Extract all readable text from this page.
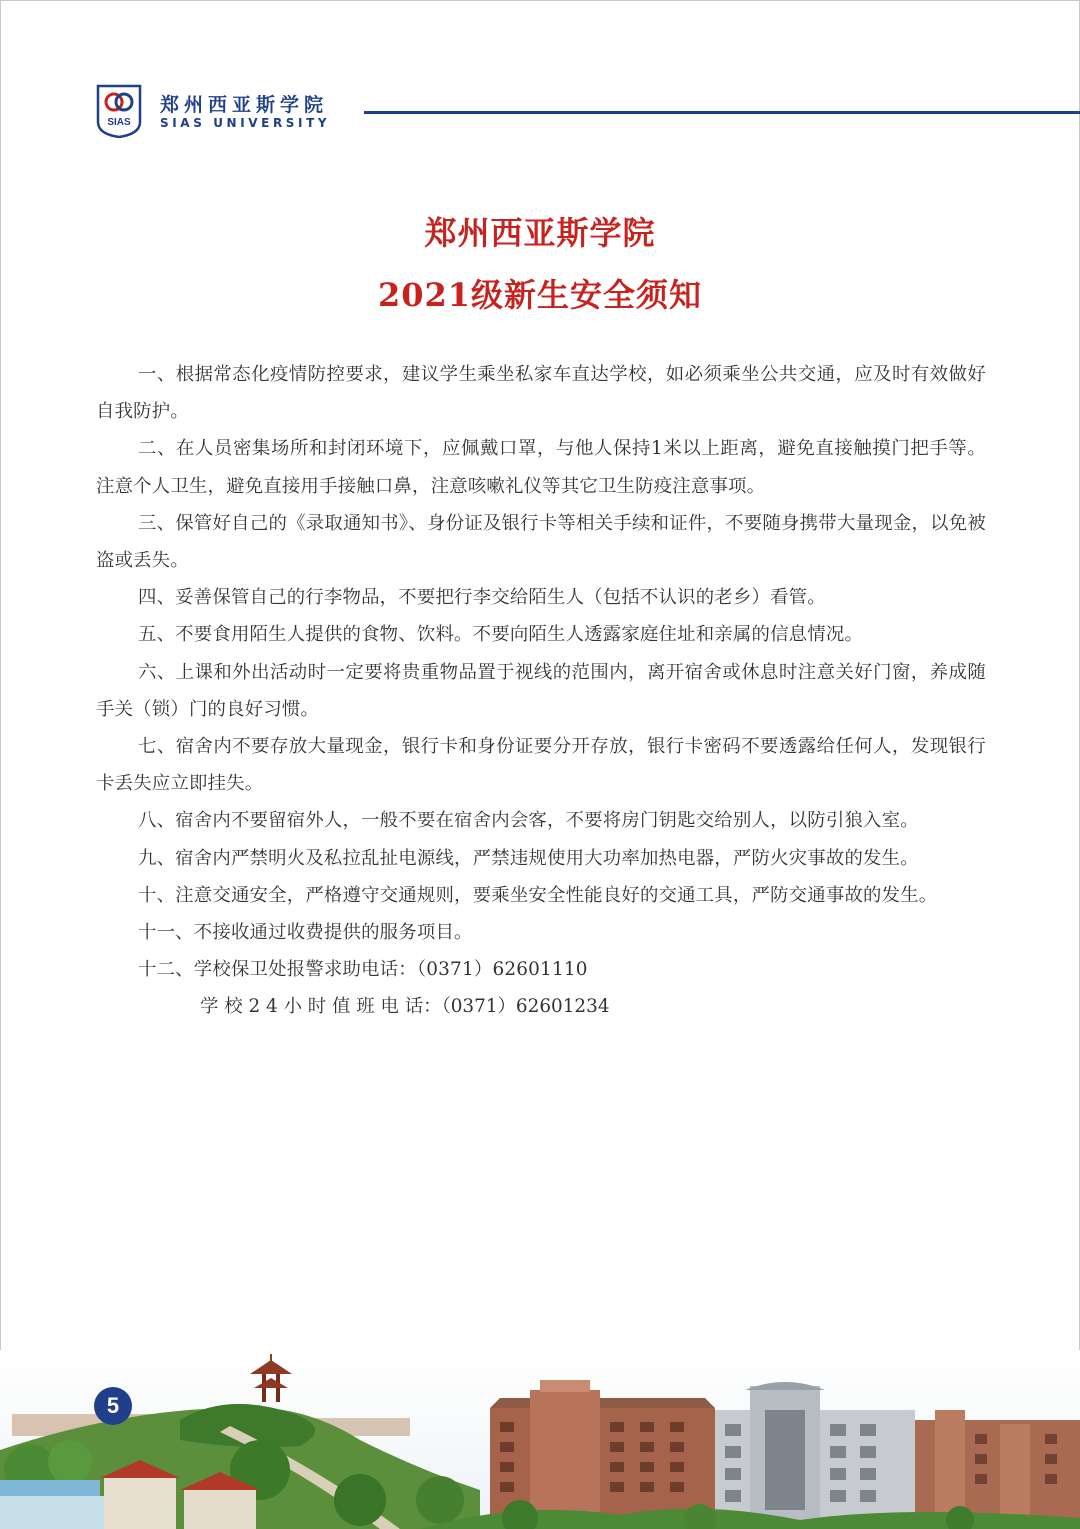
SIAS
郑州西亚斯学院
SIAS UNIVERSITY
郑州西亚斯学院
2021级新生安全须知

一、根据常态化疫情防控要求，建议学生乘坐私家车直达学校，如必须乘坐公共交通，应及时有效做好自我防护。

二、在人员密集场所和封闭环境下，应佩戴口罩，与他人保持1米以上距离，避免直接触摸门把手等。注意个人卫生，避免直接用手接触口鼻，注意咳嗽礼仪等其它卫生防疫注意事项。

三、保管好自己的《录取通知书》、身份证及银行卡等相关手续和证件，不要随身携带大量现金，以免被盗或丢失。

四、妥善保管自己的行李物品，不要把行李交给陌生人（包括不认识的老乡）看管。

五、不要食用陌生人提供的食物、饮料。不要向陌生人透露家庭住址和亲属的信息情况。

六、上课和外出活动时一定要将贵重物品置于视线的范围内，离开宿舍或休息时注意关好门窗，养成随手关（锁）门的良好习惯。

七、宿舍内不要存放大量现金，银行卡和身份证要分开存放，银行卡密码不要透露给任何人，发现银行卡丢失应立即挂失。

八、宿舍内不要留宿外人，一般不要在宿舍内会客，不要将房门钥匙交给别人，以防引狼入室。

九、宿舍内严禁明火及私拉乱扯电源线，严禁违规使用大功率加热电器，严防火灾事故的发生。

十、注意交通安全，严格遵守交通规则，要乘坐安全性能良好的交通工具，严防交通事故的发生。

十一、不接收通过收费提供的服务项目。

十二、学校保卫处报警求助电话：（0371）62601110

学 校 2 4 小 时 值 班 电 话：（0371）62601234

5
